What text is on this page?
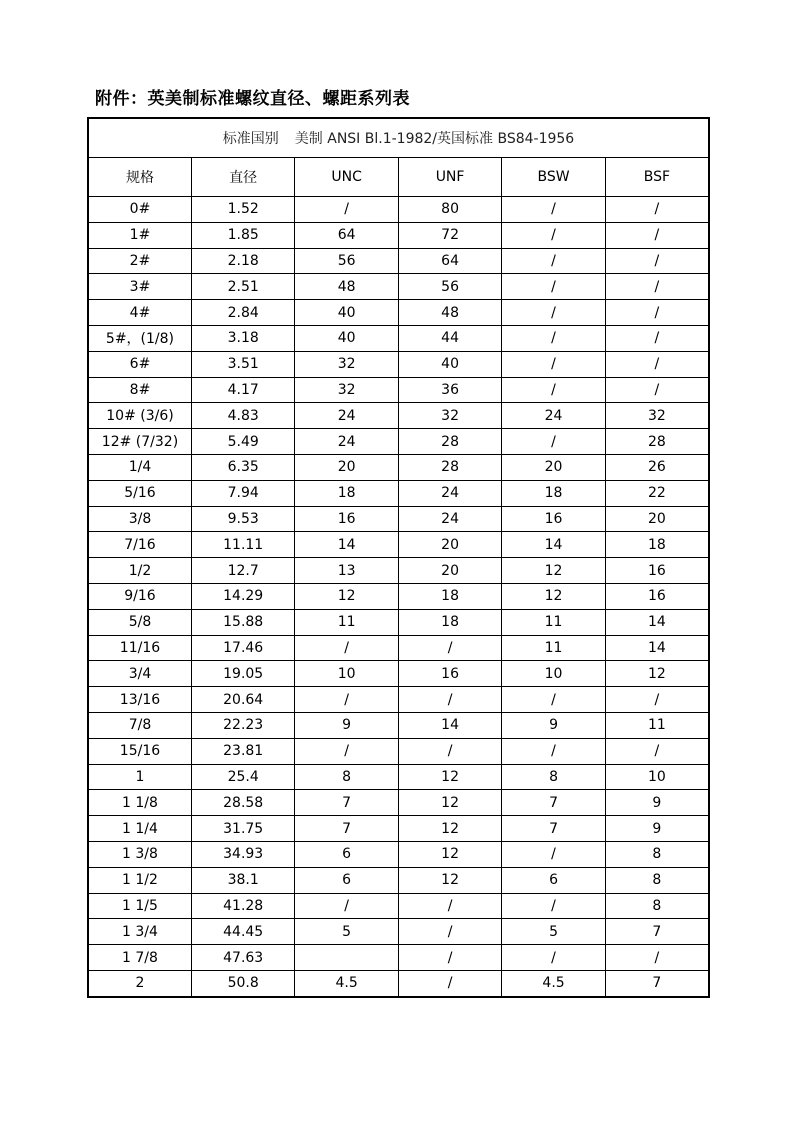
附件：英美制标准螺纹直径、螺距系列表
标准国别 美制 ANSI Bl.1-1982/英国标准 BS84-1956					
规格	直径	UNC	UNF	BSW	BSF
0#	1.52	/	80	/	/
1#	1.85	64	72	/	/
2#	2.18	56	64	/	/
3#	2.51	48	56	/	/
4#	2.84	40	48	/	/
5#，(1/8)	3.18	40	44	/	/
6#	3.51	32	40	/	/
8#	4.17	32	36	/	/
10# (3/6)	4.83	24	32	24	32
12# (7/32)	5.49	24	28	/	28
1/4	6.35	20	28	20	26
5/16	7.94	18	24	18	22
3/8	9.53	16	24	16	20
7/16	11.11	14	20	14	18
1/2	12.7	13	20	12	16
9/16	14.29	12	18	12	16
5/8	15.88	11	18	11	14
11/16	17.46	/	/	11	14
3/4	19.05	10	16	10	12
13/16	20.64	/	/	/	/
7/8	22.23	9	14	9	11
15/16	23.81	/	/	/	/
1	25.4	8	12	8	10
1 1/8	28.58	7	12	7	9
1 1/4	31.75	7	12	7	9
1 3/8	34.93	6	12	/	8
1 1/2	38.1	6	12	6	8
1 1/5	41.28	/	/	/	8
1 3/4	44.45	5	/	5	7
1 7/8	47.63		/	/	/
2	50.8	4.5	/	4.5	7
